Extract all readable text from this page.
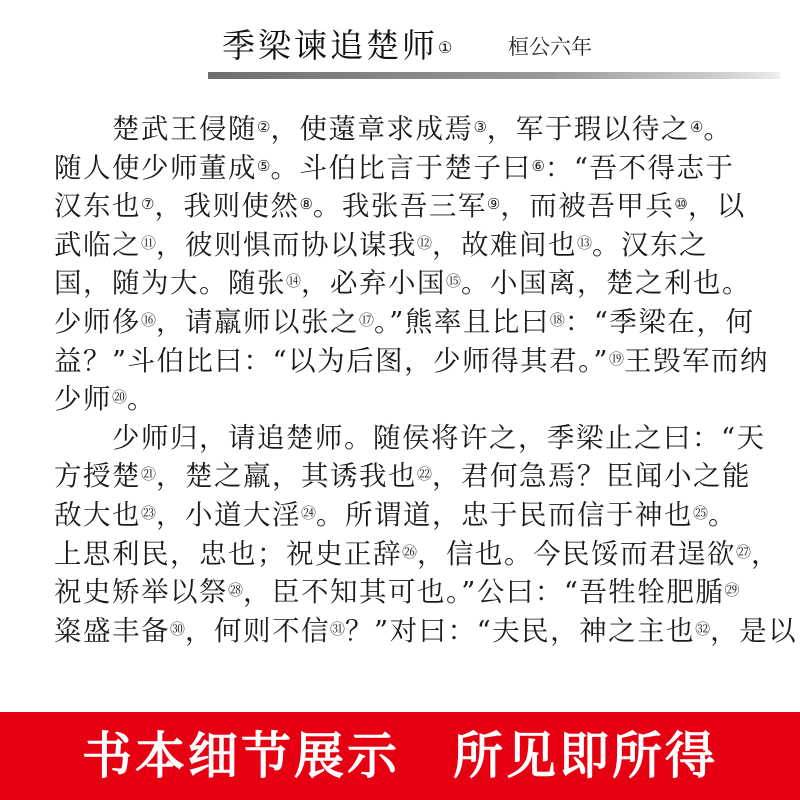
季梁谏追楚师①	桓公六年
　　楚武王侵随②，使薳章求成焉③，军于瑕以待之④。
随人使少师董成⑤。斗伯比言于楚子曰⑥：“吾不得志于
汉东也⑦，我则使然⑧。我张吾三军⑨，而被吾甲兵⑩，以
武临之⑪，彼则惧而协以谋我⑫，故难间也⑬。汉东之
国，随为大。随张⑭，必弃小国⑮。小国离，楚之利也。
少师侈⑯，请羸师以张之⑰。”熊率且比曰⑱：“季梁在，何
益？”斗伯比曰：“以为后图，少师得其君。”⑲王毁军而纳
少师⑳。
　　少师归，请追楚师。随侯将许之，季梁止之曰：“天
方授楚$^㉑$，楚之羸，其诱我也$^㉒$，君何急焉？臣闻小之能
敌大也$^㉓$，小道大淫$^㉔$。所谓道，忠于民而信于神也$^㉕$。
上思利民，忠也；祝史正辞$^㉖$，信也。今民馁而君逞欲$^㉗$，
祝史矫举以祭$^㉘$，臣不知其可也。”公曰：“吾牲牷肥腯$^㉙$
粢盛丰备$^㉚$，何则不信$^㉛$？”对曰：“夫民，神之主也$^㉜$，是以
书本细节展示　所见即所得
